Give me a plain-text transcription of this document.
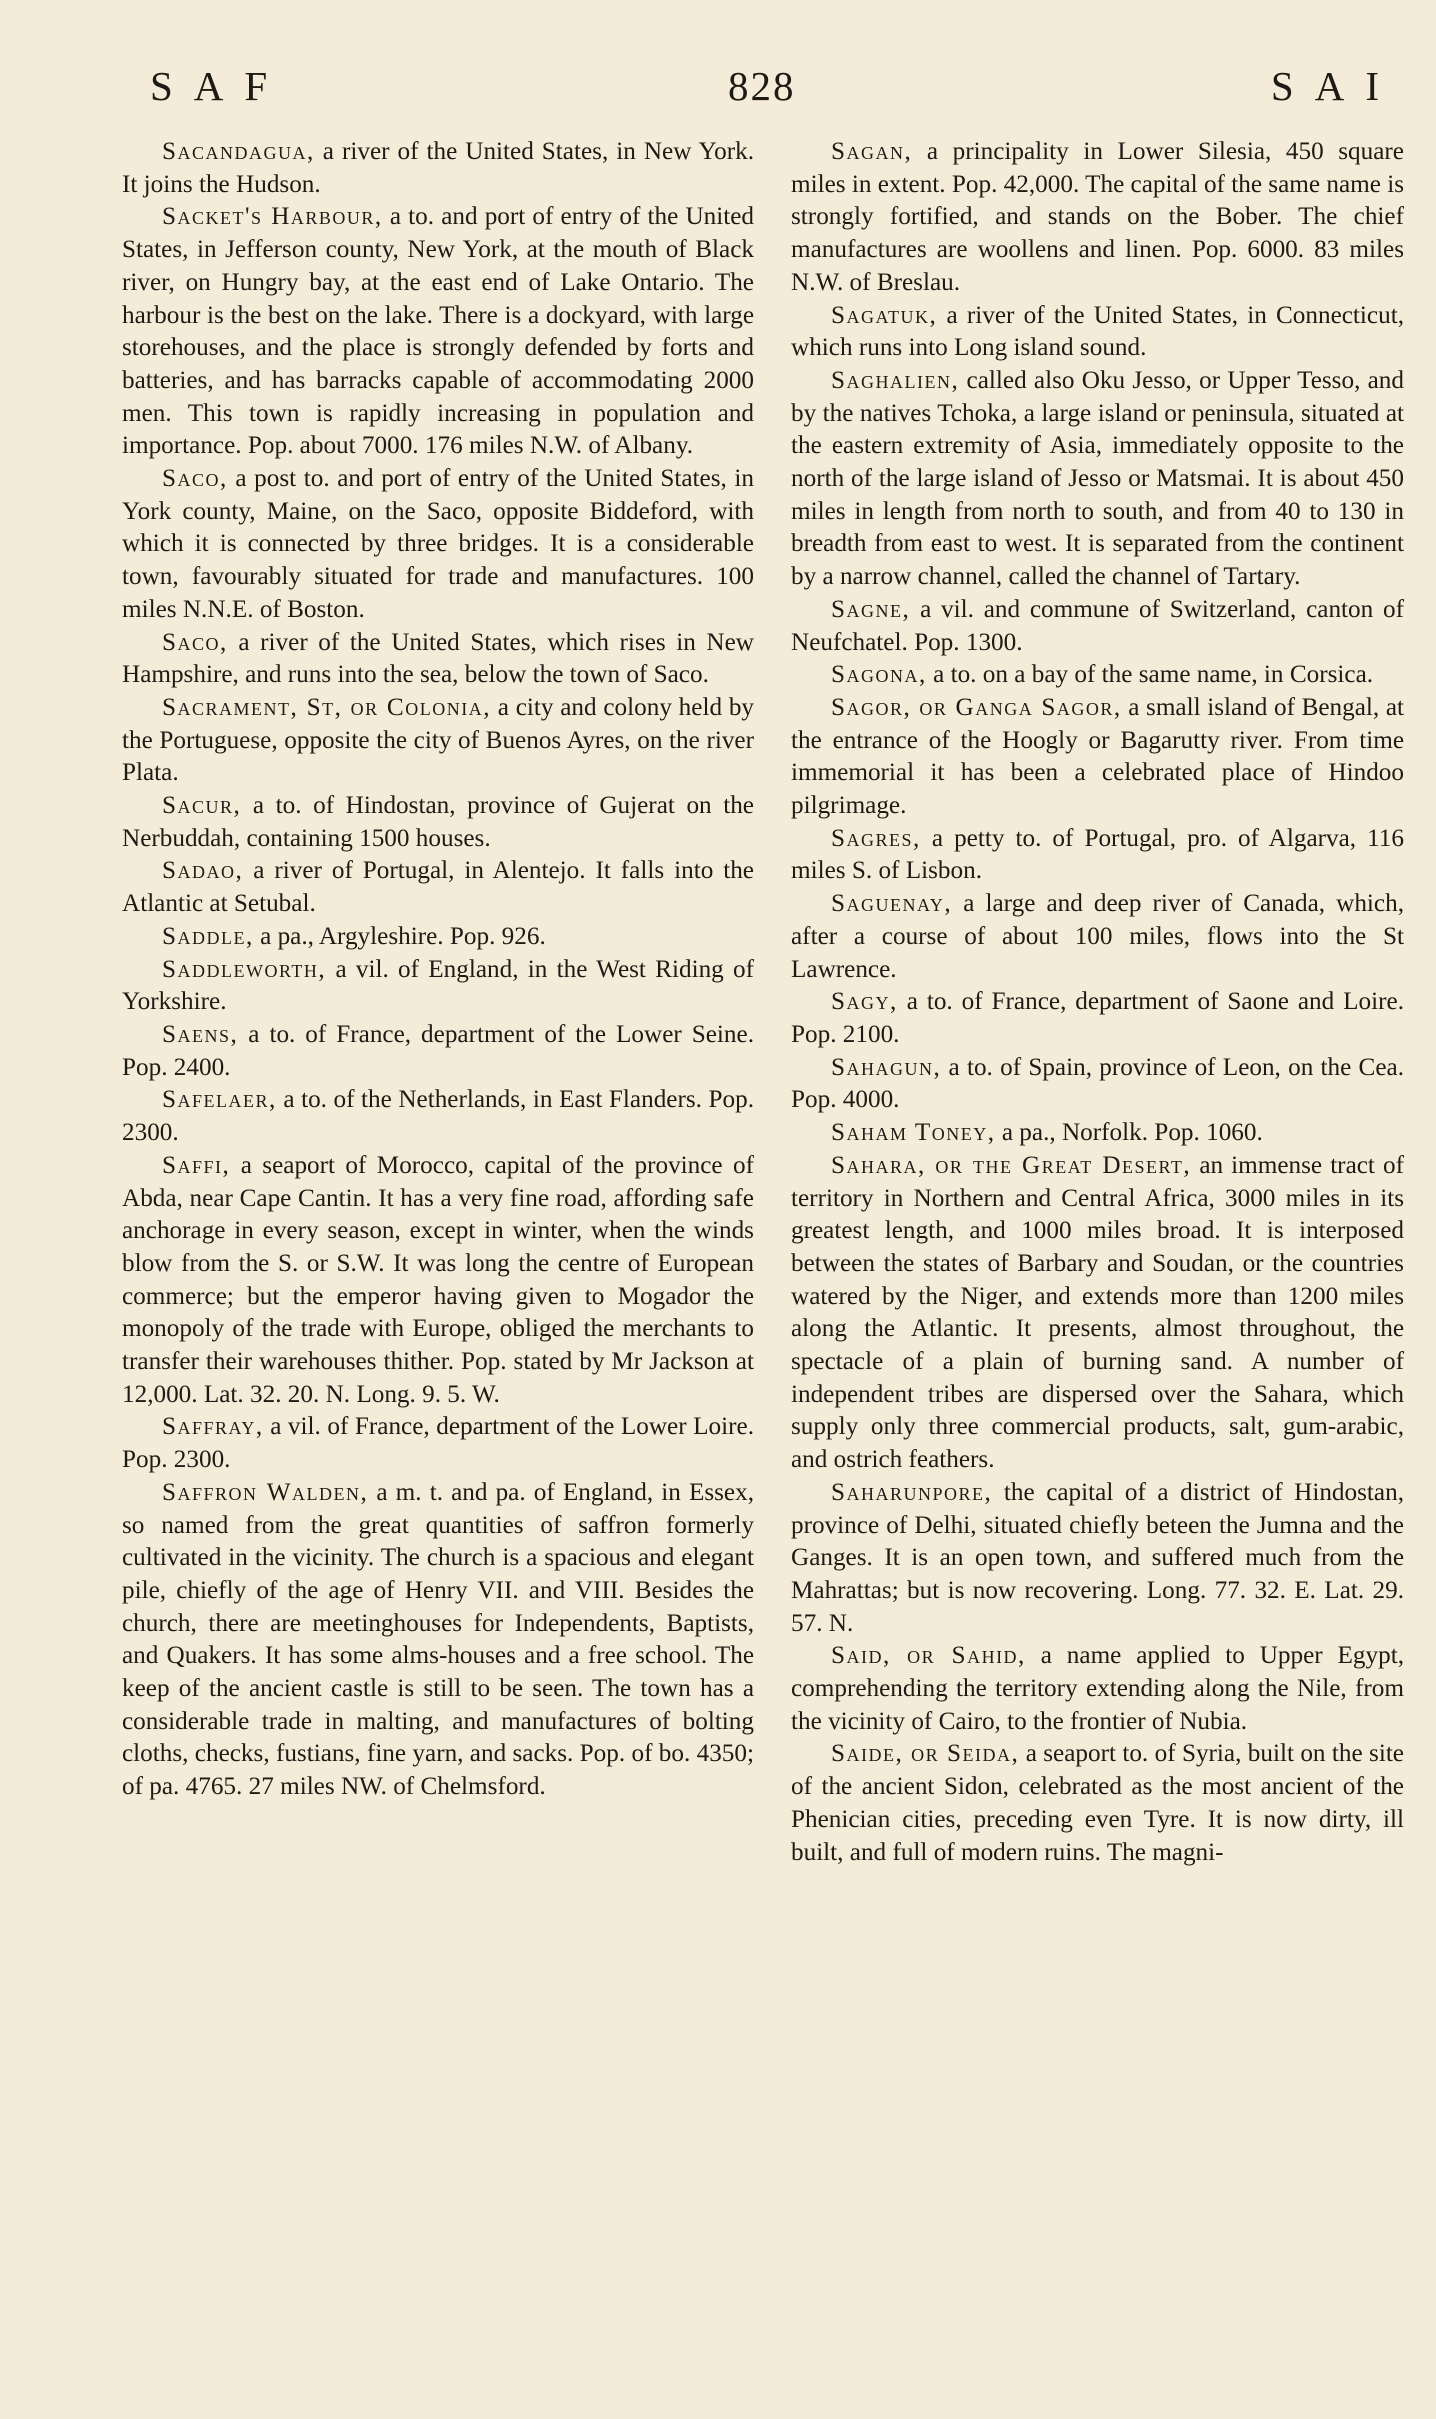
SAF	828	SAI

Sacandagua, a river of the United States, in New York. It joins the Hudson.

Sacket's Harbour, a to. and port of entry of the United States, in Jefferson county, New York, at the mouth of Black river, on Hungry bay, at the east end of Lake Ontario. The harbour is the best on the lake. There is a dockyard, with large storehouses, and the place is strongly defended by forts and batteries, and has barracks capable of accommodating 2000 men. This town is rapidly increasing in population and importance. Pop. about 7000. 176 miles N.W. of Albany.

Saco, a post to. and port of entry of the United States, in York county, Maine, on the Saco, opposite Biddeford, with which it is connected by three bridges. It is a considerable town, favourably situated for trade and manufactures. 100 miles N.N.E. of Boston.

Saco, a river of the United States, which rises in New Hampshire, and runs into the sea, below the town of Saco.

Sacrament, St, or Colonia, a city and colony held by the Portuguese, opposite the city of Buenos Ayres, on the river Plata.

Sacur, a to. of Hindostan, province of Gujerat on the Nerbuddah, containing 1500 houses.

Sadao, a river of Portugal, in Alentejo. It falls into the Atlantic at Setubal.

Saddle, a pa., Argyleshire. Pop. 926.

Saddleworth, a vil. of England, in the West Riding of Yorkshire.

Saens, a to. of France, department of the Lower Seine. Pop. 2400.

Safelaer, a to. of the Netherlands, in East Flanders. Pop. 2300.

Saffi, a seaport of Morocco, capital of the province of Abda, near Cape Cantin. It has a very fine road, affording safe anchorage in every season, except in winter, when the winds blow from the S. or S.W. It was long the centre of European commerce; but the emperor having given to Mogador the monopoly of the trade with Europe, obliged the merchants to transfer their warehouses thither. Pop. stated by Mr Jackson at 12,000. Lat. 32. 20. N. Long. 9. 5. W.

Saffray, a vil. of France, department of the Lower Loire. Pop. 2300.

Saffron Walden, a m. t. and pa. of England, in Essex, so named from the great quantities of saffron formerly cultivated in the vicinity. The church is a spacious and elegant pile, chiefly of the age of Henry VII. and VIII. Besides the church, there are meetinghouses for Independents, Baptists, and Quakers. It has some alms-houses and a free school. The keep of the ancient castle is still to be seen. The town has a considerable trade in malting, and manufactures of bolting cloths, checks, fustians, fine yarn, and sacks. Pop. of bo. 4350; of pa. 4765. 27 miles NW. of Chelmsford.

Sagan, a principality in Lower Silesia, 450 square miles in extent. Pop. 42,000. The capital of the same name is strongly fortified, and stands on the Bober. The chief manufactures are woollens and linen. Pop. 6000. 83 miles N.W. of Breslau.

Sagatuk, a river of the United States, in Connecticut, which runs into Long island sound.

Saghalien, called also Oku Jesso, or Upper Tesso, and by the natives Tchoka, a large island or peninsula, situated at the eastern extremity of Asia, immediately opposite to the north of the large island of Jesso or Matsmai. It is about 450 miles in length from north to south, and from 40 to 130 in breadth from east to west. It is separated from the continent by a narrow channel, called the channel of Tartary.

Sagne, a vil. and commune of Switzerland, canton of Neufchatel. Pop. 1300.

Sagona, a to. on a bay of the same name, in Corsica.

Sagor, or Ganga Sagor, a small island of Bengal, at the entrance of the Hoogly or Bagarutty river. From time immemorial it has been a celebrated place of Hindoo pilgrimage.

Sagres, a petty to. of Portugal, pro. of Algarva, 116 miles S. of Lisbon.

Saguenay, a large and deep river of Canada, which, after a course of about 100 miles, flows into the St Lawrence.

Sagy, a to. of France, department of Saone and Loire. Pop. 2100.

Sahagun, a to. of Spain, province of Leon, on the Cea. Pop. 4000.

Saham Toney, a pa., Norfolk. Pop. 1060.

Sahara, or the Great Desert, an immense tract of territory in Northern and Central Africa, 3000 miles in its greatest length, and 1000 miles broad. It is interposed between the states of Barbary and Soudan, or the countries watered by the Niger, and extends more than 1200 miles along the Atlantic. It presents, almost throughout, the spectacle of a plain of burning sand. A number of independent tribes are dispersed over the Sahara, which supply only three commercial products, salt, gum-arabic, and ostrich feathers.

Saharunpore, the capital of a district of Hindostan, province of Delhi, situated chiefly beteen the Jumna and the Ganges. It is an open town, and suffered much from the Mahrattas; but is now recovering. Long. 77. 32. E. Lat. 29. 57. N.

Said, or Sahid, a name applied to Upper Egypt, comprehending the territory extending along the Nile, from the vicinity of Cairo, to the frontier of Nubia.

Saide, or Seida, a seaport to. of Syria, built on the site of the ancient Sidon, celebrated as the most ancient of the Phenician cities, preceding even Tyre. It is now dirty, ill built, and full of modern ruins. The magni-
